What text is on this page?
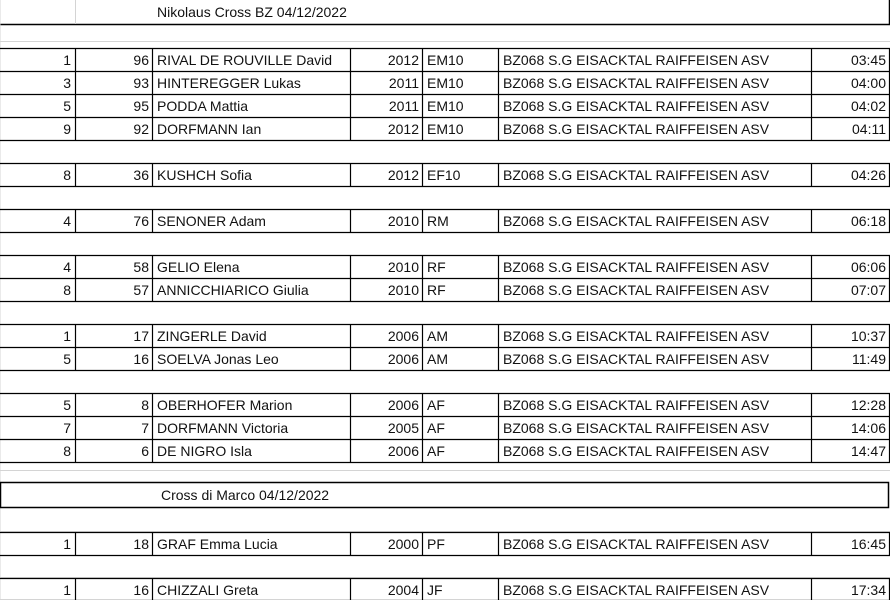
Nikolaus Cross BZ 04/12/2022
Cross di Marco 04/12/2022
1	96 RIVAL DE ROUVILLE David	2012 EM10	BZ068 S.G EISACKTAL RAIFFEISEN ASV	03:45
3	93 HINTEREGGER Lukas	2011 EM10	BZ068 S.G EISACKTAL RAIFFEISEN ASV	04:00
5	95 PODDA Mattia	2011 EM10	BZ068 S.G EISACKTAL RAIFFEISEN ASV	04:02
9	92 DORFMANN Ian	2012 EM10	BZ068 S.G EISACKTAL RAIFFEISEN ASV	04:11
8	36 KUSHCH Sofia	2012 EF10	BZ068 S.G EISACKTAL RAIFFEISEN ASV	04:26
4	76 SENONER Adam	2010 RM	BZ068 S.G EISACKTAL RAIFFEISEN ASV	06:18
4	58 GELIO Elena	2010 RF	BZ068 S.G EISACKTAL RAIFFEISEN ASV	06:06
8	57 ANNICCHIARICO Giulia	2010 RF	BZ068 S.G EISACKTAL RAIFFEISEN ASV	07:07
1	17 ZINGERLE David	2006 AM	BZ068 S.G EISACKTAL RAIFFEISEN ASV	10:37
5	16 SOELVA Jonas Leo	2006 AM	BZ068 S.G EISACKTAL RAIFFEISEN ASV	11:49
5	8 OBERHOFER Marion	2006 AF	BZ068 S.G EISACKTAL RAIFFEISEN ASV	12:28
7	7 DORFMANN Victoria	2005 AF	BZ068 S.G EISACKTAL RAIFFEISEN ASV	14:06
8	6 DE NIGRO Isla	2006 AF	BZ068 S.G EISACKTAL RAIFFEISEN ASV	14:47
1	18 GRAF Emma Lucia	2000 PF	BZ068 S.G EISACKTAL RAIFFEISEN ASV	16:45
1	16 CHIZZALI Greta	2004 JF	BZ068 S.G EISACKTAL RAIFFEISEN ASV	17:34
